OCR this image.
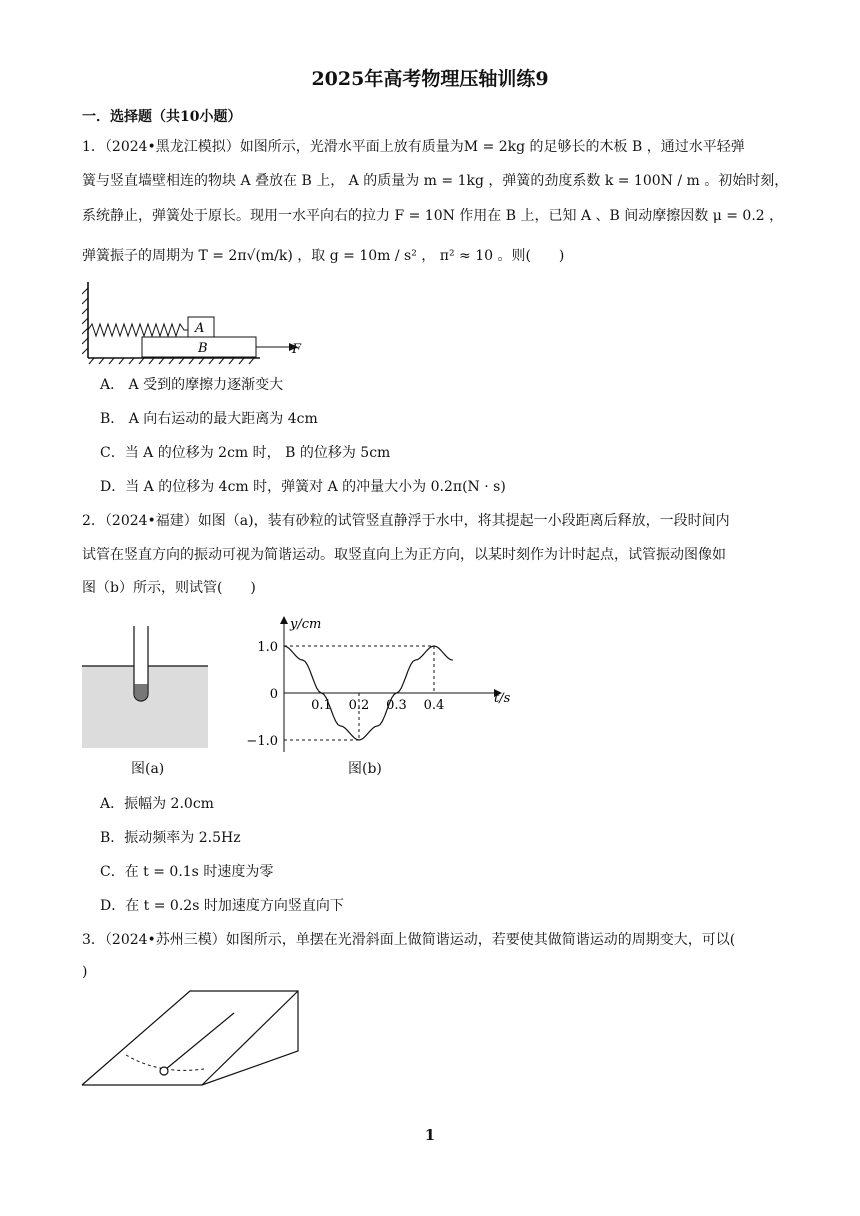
2025年高考物理压轴训练9
一．选择题（共10小题）
1．（2024•黑龙江模拟）如图所示，光滑水平面上放有质量为M = 2kg 的足够长的木板 B ，通过水平轻弹
簧与竖直墙壁相连的物块 A 叠放在 B 上， A 的质量为 m = 1kg ，弹簧的劲度系数 k = 100N / m 。初始时刻，
系统静止，弹簧处于原长。现用一水平向右的拉力 F = 10N 作用在 B 上，已知 A 、B 间动摩擦因数 μ = 0.2 ，
弹簧振子的周期为 T = 2π√(m/k) ，取 g = 10m / s² ， π² ≈ 10 。则(　　)
A
B	F
A． A 受到的摩擦力逐渐变大
B． A 向右运动的最大距离为 4cm
C．当 A 的位移为 2cm 时， B 的位移为 5cm
D．当 A 的位移为 4cm 时，弹簧对 A 的冲量大小为 0.2π(N · s)
2．（2024•福建）如图（a)，装有砂粒的试管竖直静浮于水中，将其提起一小段距离后释放，一段时间内
试管在竖直方向的振动可视为简谐运动。取竖直向上为正方向，以某时刻作为计时起点，试管振动图像如
图（b）所示，则试管(　　)
图(a)
y/cm
t/s
1.0
0
−1.0
0.1 0.2 0.3 0.4
图(b)
A．振幅为 2.0cm
B．振动频率为 2.5Hz
C．在 t = 0.1s 时速度为零
D．在 t = 0.2s 时加速度方向竖直向下
3．（2024•苏州三模）如图所示，单摆在光滑斜面上做简谐运动，若要使其做简谐运动的周期变大，可以(
)
1
